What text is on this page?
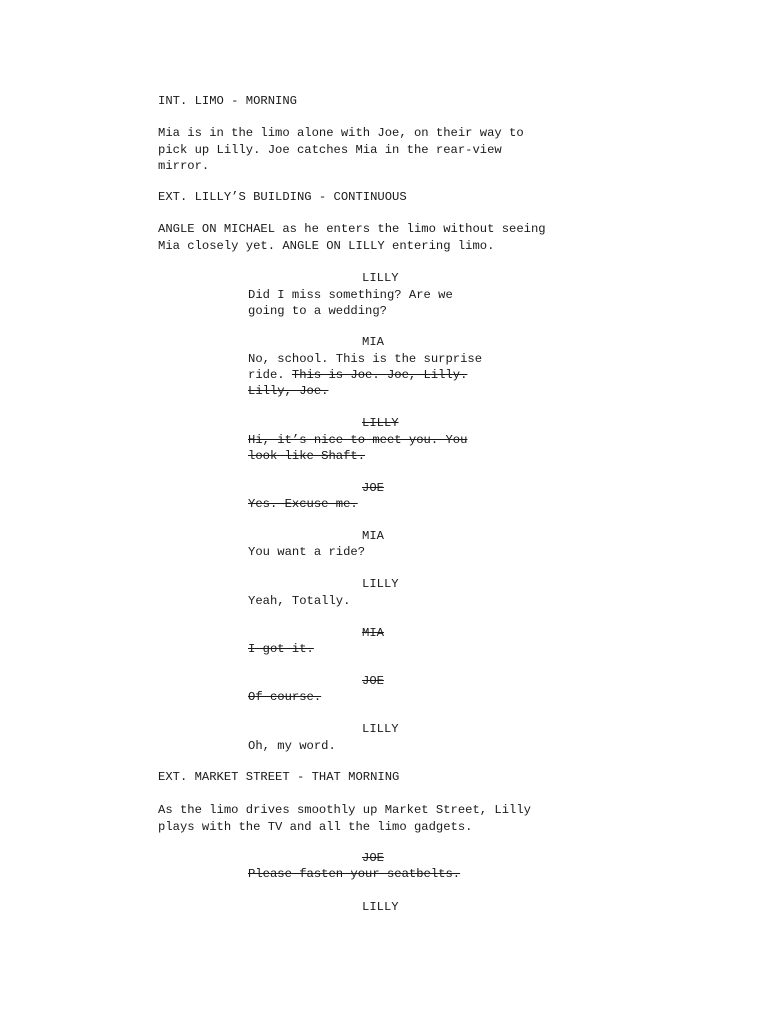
INT. LIMO - MORNING
Mia is in the limo alone with Joe, on their way to
pick up Lilly. Joe catches Mia in the rear-view
mirror.
EXT. LILLY’S BUILDING - CONTINUOUS
ANGLE ON MICHAEL as he enters the limo without seeing
Mia closely yet. ANGLE ON LILLY entering limo.
LILLY
Did I miss something? Are we
going to a wedding?
MIA
No, school. This is the surprise
ride. This is Joe. Joe, Lilly.
Lilly, Joe.
LILLY
Hi, it’s nice to meet you. You
look like Shaft.
JOE
Yes. Excuse me.
MIA
You want a ride?
LILLY
Yeah, Totally.
MIA
I got it.
JOE
Of course.
LILLY
Oh, my word.
EXT. MARKET STREET - THAT MORNING
As the limo drives smoothly up Market Street, Lilly
plays with the TV and all the limo gadgets.
JOE
Please fasten your seatbelts.
LILLY
